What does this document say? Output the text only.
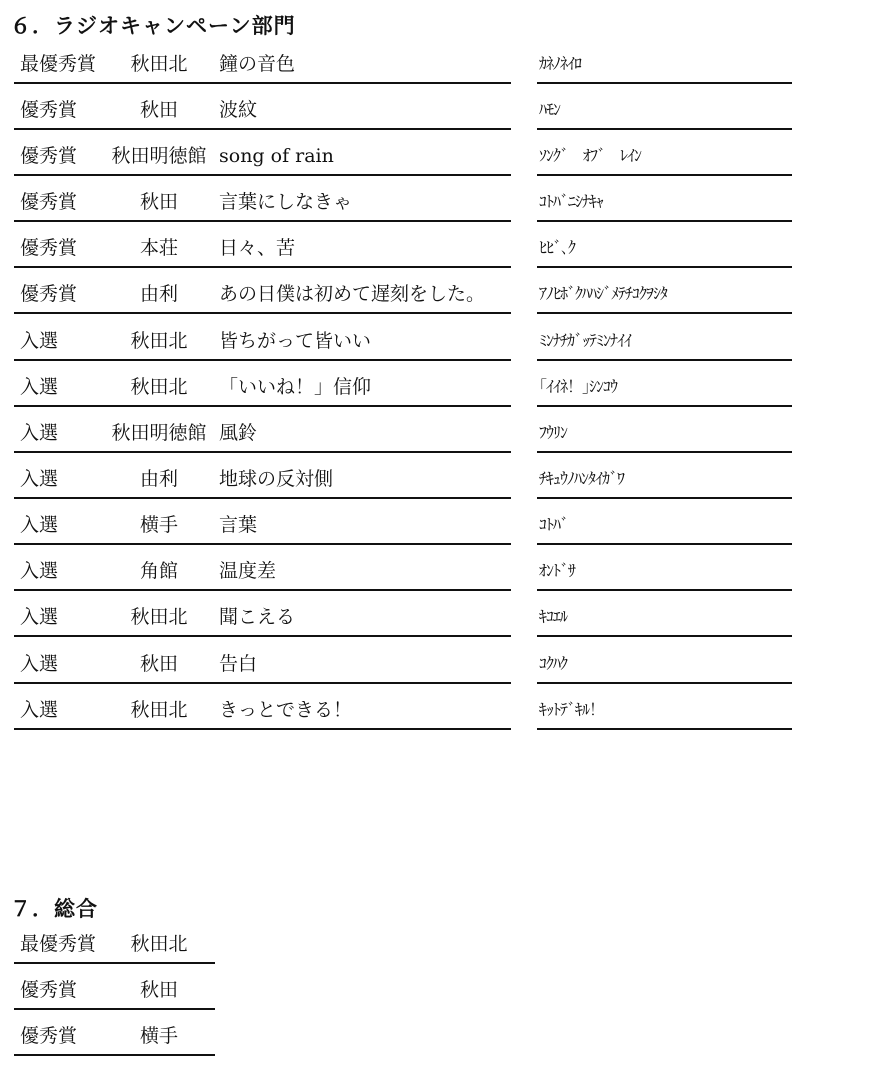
６．ラジオキャンペーン部門
最優秀賞	秋田北	鐘の音色	ｶﾈﾉﾈｲﾛ
優秀賞	秋田	波紋	ﾊﾓﾝ
優秀賞 秋田明徳館 song of rain	ｿﾝｸﾞ　ｵﾌﾞ　ﾚｲﾝ
優秀賞	秋田	言葉にしなきゃ	ｺﾄﾊﾞﾆｼﾅｷｬ
優秀賞	本荘	日々、苦	ﾋﾋﾞ､ｸ
優秀賞	由利	あの日僕は初めて遅刻をした。	ｱﾉﾋﾎﾞｸﾊﾊｼﾞﾒﾃﾁｺｸｦｼﾀ
入選	秋田北	皆ちがって皆いい	ﾐﾝﾅﾁｶﾞｯﾃﾐﾝﾅｲｲ
入選	秋田北	「いいね！」信仰	｢ｲｲﾈ！｣ｼﾝｺｳ
入選	秋田明徳館 風鈴	ﾌｳﾘﾝ
入選	由利	地球の反対側	ﾁｷｭｳﾉﾊﾝﾀｲｶﾞﾜ
入選	横手	言葉	ｺﾄﾊﾞ
入選	角館	温度差	ｵﾝﾄﾞｻ
入選	秋田北	聞こえる	ｷｺｴﾙ
入選	秋田	告白	ｺｸﾊｸ
入選	秋田北	きっとできる！	ｷｯﾄﾃﾞｷﾙ！
７．総合
最優秀賞	秋田北
優秀賞	秋田
優秀賞	横手
